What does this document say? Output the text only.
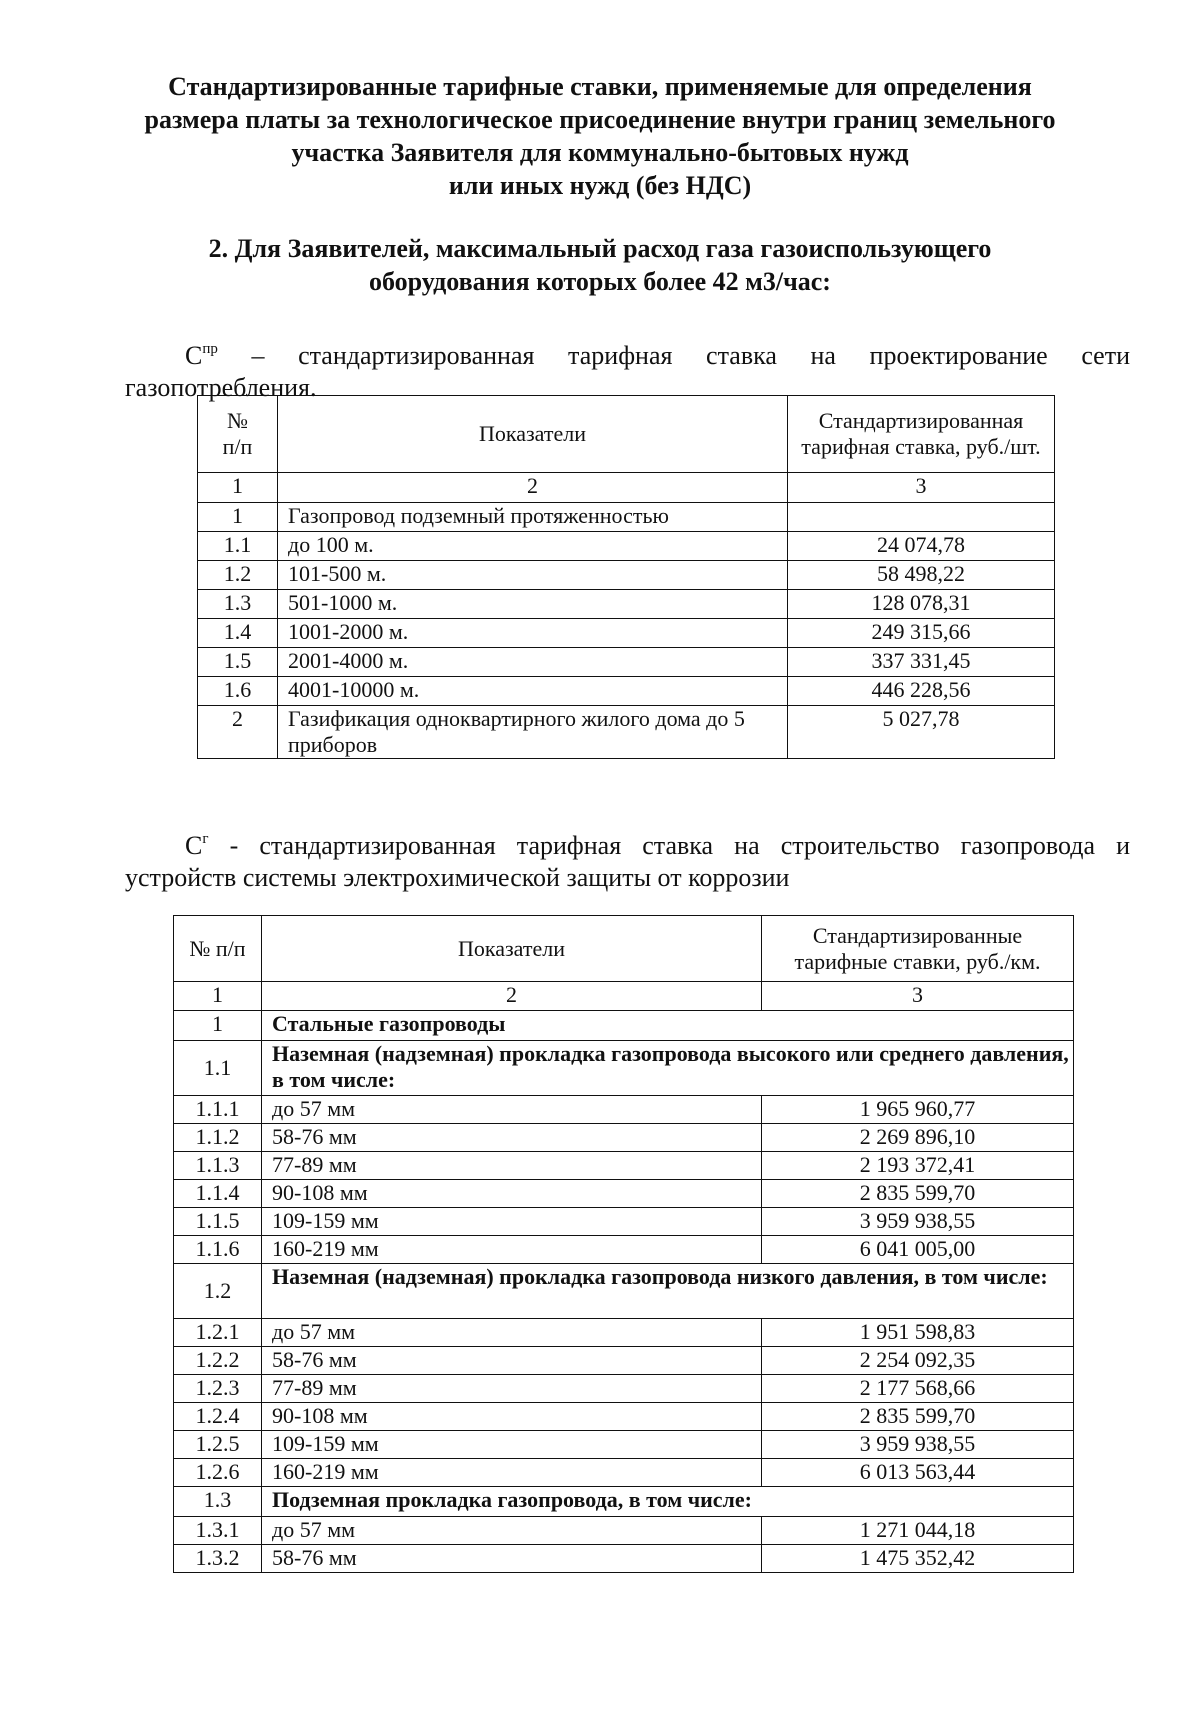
Стандартизированные тарифные ставки, применяемые для определения
размера платы за технологическое присоединение внутри границ земельного
участка Заявителя для коммунально-бытовых нужд
или иных нужд (без НДС)
2. Для Заявителей, максимальный расход газа газоиспользующего
оборудования которых более 42 м3/час:
$С^{пр}$ – стандартизированная тарифная ставка на проектирование сети
газопотребления.
№ п/п	Показатели	Стандартизированная тарифная ставка, руб./шт.
1	2	3
1	Газопровод подземный протяженностью	
1.1	до 100 м.	24 074,78
1.2	101-500 м.	58 498,22
1.3	501-1000 м.	128 078,31
1.4	1001-2000 м.	249 315,66
1.5	2001-4000 м.	337 331,45
1.6	4001-10000 м.	446 228,56
2	Газификация одноквартирного жилого дома до 5 приборов	5 027,78
$С^г$ - стандартизированная тарифная ставка на строительство газопровода и
устройств системы электрохимической защиты от коррозии
№ п/п	Показатели	Стандартизированные тарифные ставки, руб./км.
1	2	3
1	Стальные газопроводы	
1.1	Наземная (надземная) прокладка газопровода высокого или среднего давления, в том числе:	
1.1.1	до 57 мм	1 965 960,77
1.1.2	58-76 мм	2 269 896,10
1.1.3	77-89 мм	2 193 372,41
1.1.4	90-108 мм	2 835 599,70
1.1.5	109-159 мм	3 959 938,55
1.1.6	160-219 мм	6 041 005,00
1.2	Наземная (надземная) прокладка газопровода низкого давления, в том числе:	
1.2.1	до 57 мм	1 951 598,83
1.2.2	58-76 мм	2 254 092,35
1.2.3	77-89 мм	2 177 568,66
1.2.4	90-108 мм	2 835 599,70
1.2.5	109-159 мм	3 959 938,55
1.2.6	160-219 мм	6 013 563,44
1.3	Подземная прокладка газопровода, в том числе:	
1.3.1	до 57 мм	1 271 044,18
1.3.2	58-76 мм	1 475 352,42
